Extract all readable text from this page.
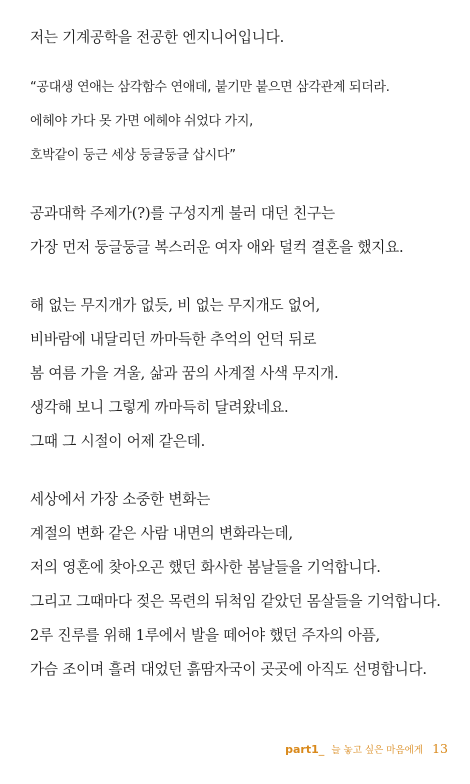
저는 기계공학을 전공한 엔지니어입니다.
“공대생 연애는 삼각함수 연애데, 붙기만 붙으면 삼각관계 되더라.
에헤야 가다 못 가면 에헤야 쉬었다 가지,
호박같이 둥근 세상 둥글둥글 삽시다”
공과대학 주제가(?)를 구성지게 불러 대던 친구는
가장 먼저 둥글둥글 복스러운 여자 애와 덜컥 결혼을 했지요.
해 없는 무지개가 없듯, 비 없는 무지개도 없어,
비바람에 내달리던 까마득한 추억의 언덕 뒤로
봄 여름 가을 겨울, 삶과 꿈의 사계절 사색 무지개.
생각해 보니 그렇게 까마득히 달려왔네요.
그때 그 시절이 어제 같은데.
세상에서 가장 소중한 변화는
계절의 변화 같은 사람 내면의 변화라는데,
저의 영혼에 찾아오곤 했던 화사한 봄날들을 기억합니다.
그리고 그때마다 젖은 목련의 뒤척임 같았던 몸살들을 기억합니다.
2루 진루를 위해 1루에서 발을 떼어야 했던 주자의 아픔,
가슴 조이며 흘려 대었던 흙땀자국이 곳곳에 아직도 선명합니다.
part1_ 늘 놓고 싶은 마음에게 13
